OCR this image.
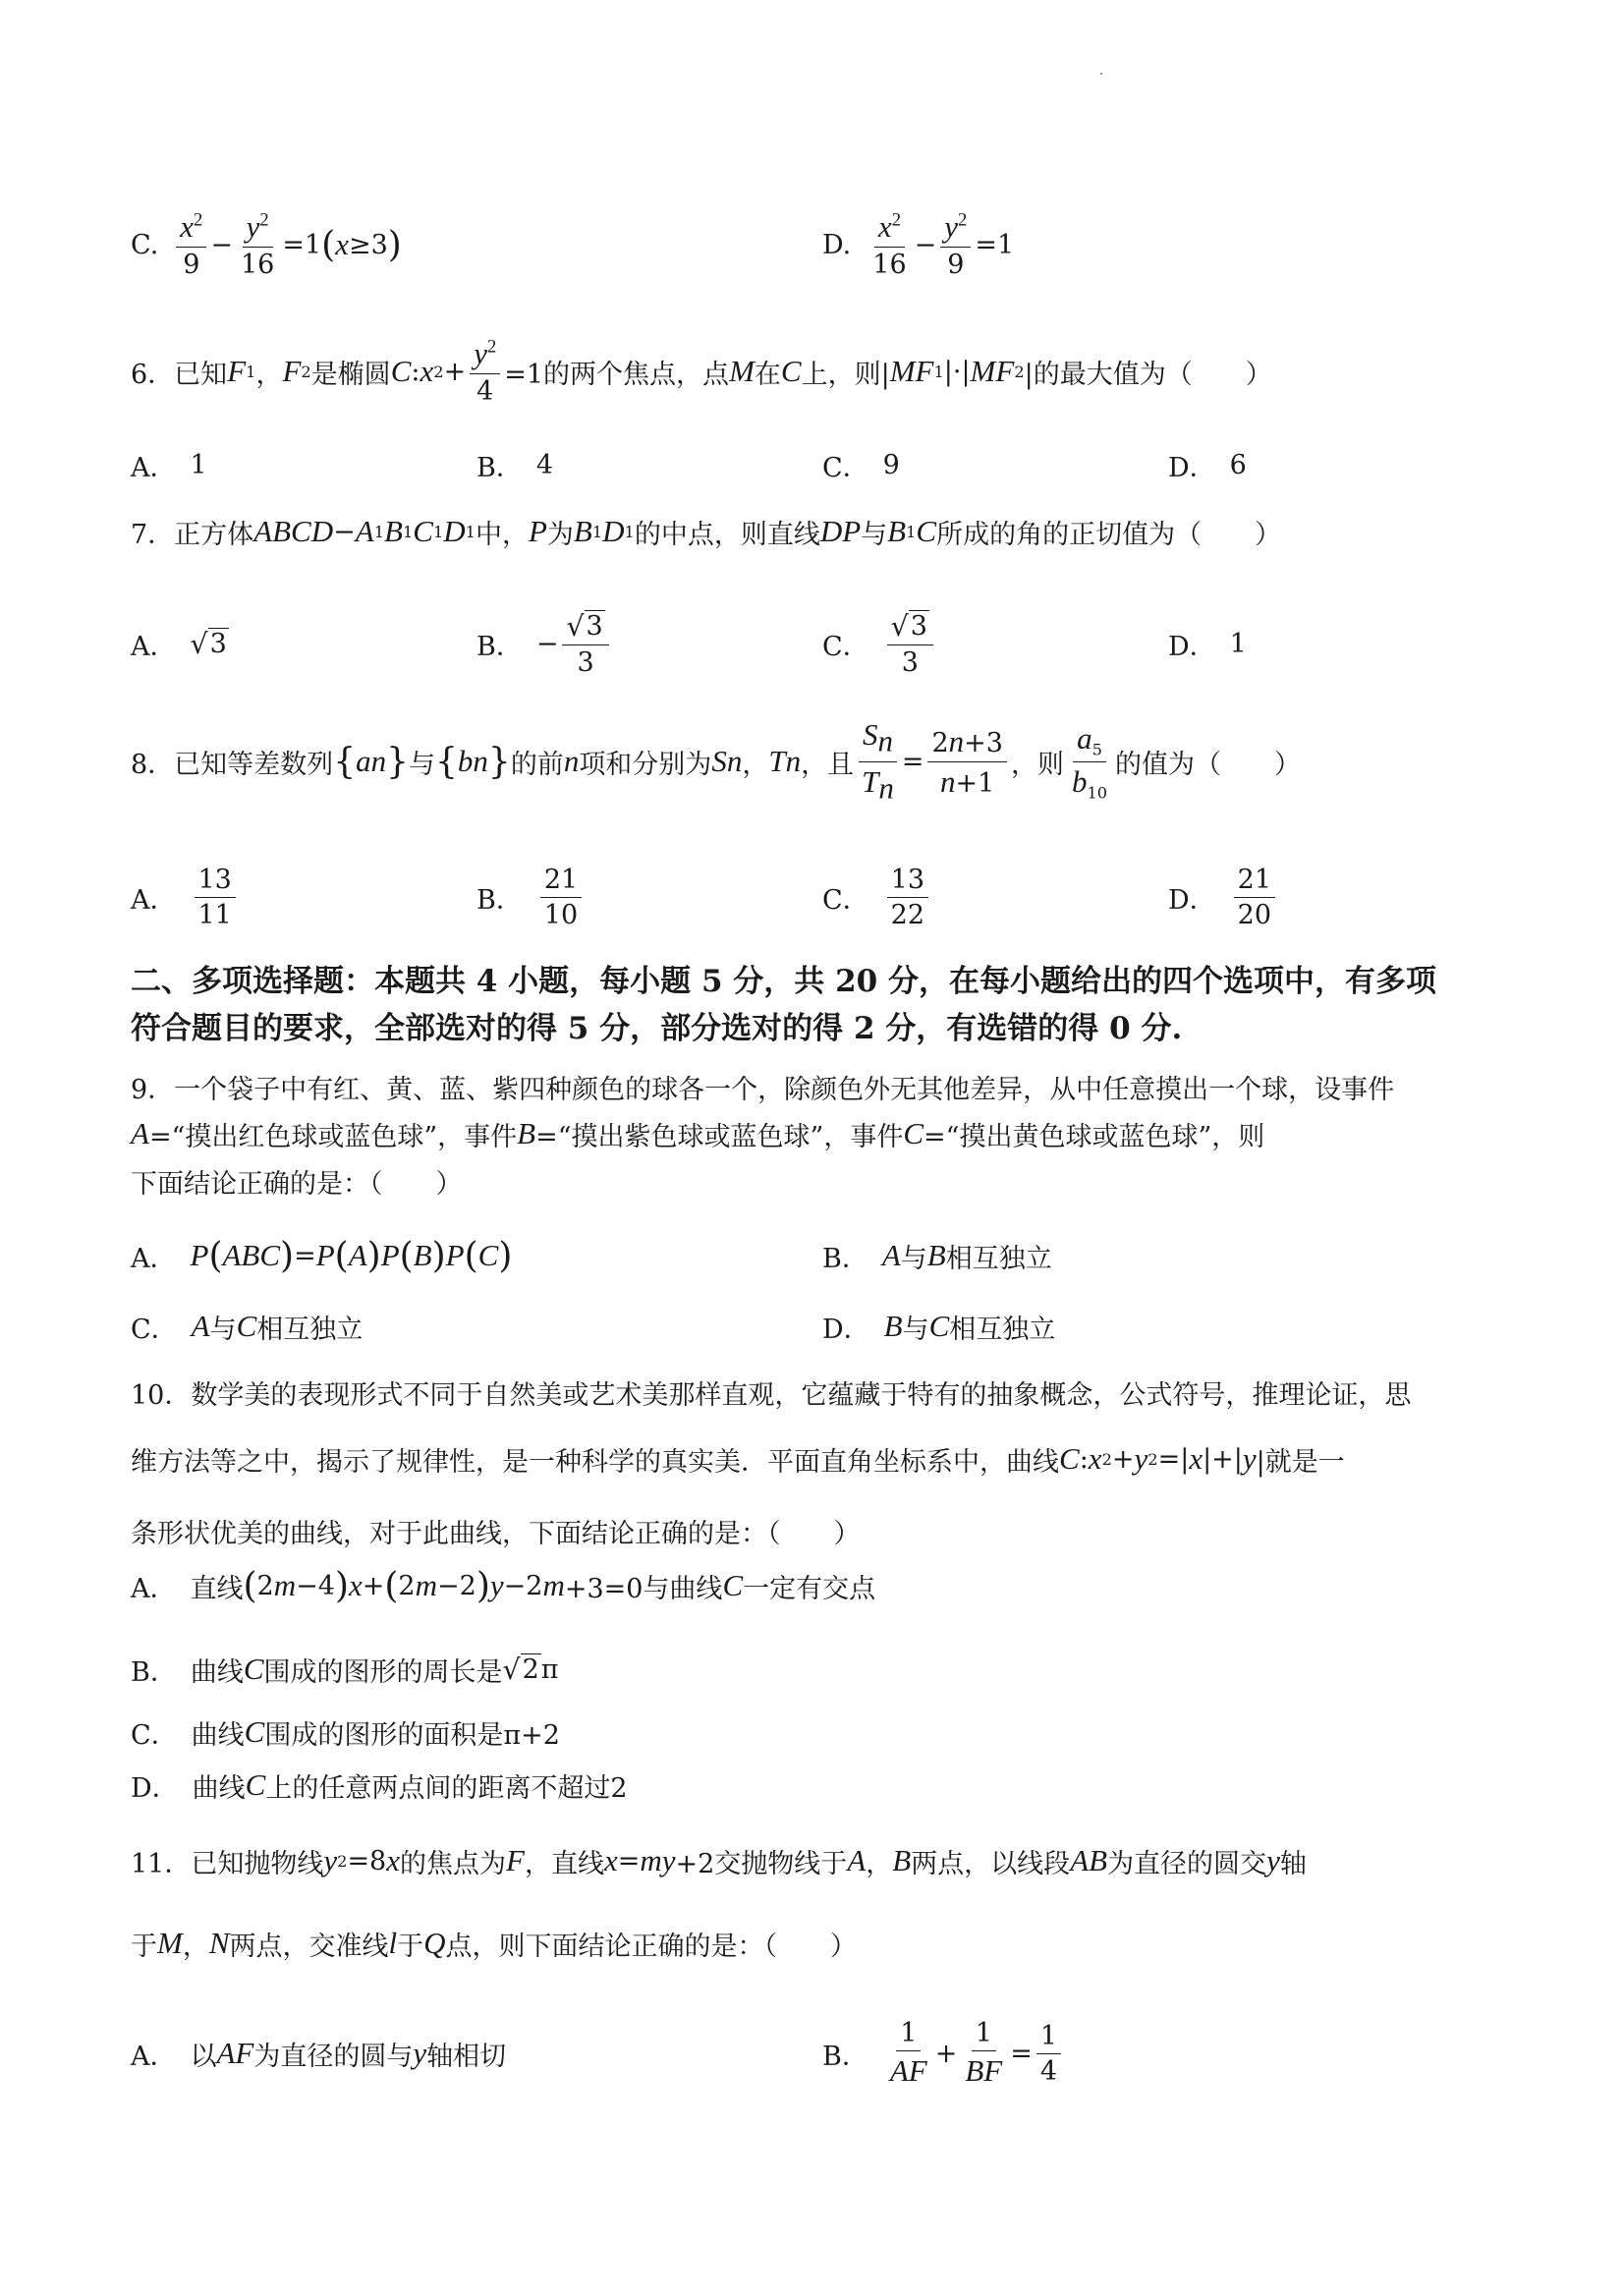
C. $\frac{x^2}{9} - \frac{y^2}{16} =1$ ( x ≥3 )	D. $\frac{x^2}{16} - \frac{y^2}{9} =1$
6．已知 F 1 ， F 2 是椭圆 C : x $2 + \frac{y^2}{4} =1$的两个焦点，点 M 在 C 上，则| MF 1 |·| MF 2 |的最大值为（　　）
A． 1	B． 4	C． 9	D． 6
7．正方体 ABCD − A 1 B 1 C 1 D 1 中， P 为 B 1 D 1 的中点，则直线 DP 与 B 1 C 所成的角的正切值为（　　）
A． √ 3	B． − $\frac{√ 3}{3}$	C． $\frac{√ 3}{3}$	D． 1
8．已知等差数列 { a n } 与 { b n } 的前 n 项和分别为 S n ， T n ，且 $\frac{S_n}{T_n} = \frac{2n+3}{n+1}$ ，则 $\frac{a_5}{b_{10}}$ 的值为（　　）
A． $\frac{13}{11}$	B． $\frac{21}{10}$	C． $\frac{13}{22}$	D． $\frac{21}{20}$
二、多项选择题：本题共 4 小题，每小题 5 分，共 20 分，在每小题给出的四个选项中，有多项
符合题目的要求，全部选对的得 5 分，部分选对的得 2 分，有选错的得 0 分.
9．一个袋子中有红、黄、蓝、紫四种颜色的球各一个，除颜色外无其他差异，从中任意摸出一个球，设事件
A =“摸出红色球或蓝色球”，事件 B =“摸出紫色球或蓝色球”，事件 C =“摸出黄色球或蓝色球”，则
下面结论正确的是：（　　）
A． P ( ABC ) = P ( A ) P ( B ) P ( C )	B． A 与 B 相互独立
C． A 与 C 相互独立	D． B 与 C 相互独立
10．数学美的表现形式不同于自然美或艺术美那样直观，它蕴藏于特有的抽象概念，公式符号，推理论证，思
维方法等之中，揭示了规律性，是一种科学的真实美．平面直角坐标系中，曲线 C : x 2 + y 2 =| x |+| y |就是一
条形状优美的曲线，对于此曲线，下面结论正确的是：（　　）
A． 直线 ( 2 m −4 ) x + ( 2 m −2 ) y −2 m +3=0与曲线 C 一定有交点
B． 曲线 C 围成的图形的周长是 √ 2 π
C． 曲线 C 围成的图形的面积是π+2
D． 曲线 C 上的任意两点间的距离不超过2
11．已知抛物线 y 2 =8 x 的焦点为 F ，直线 x = my +2交抛物线于 A ， B 两点，以线段 AB 为直径的圆交 y 轴
于 M ， N 两点，交准线 l 于 Q 点，则下面结论正确的是：（　　）
A． 以 AF 为直径的圆与 y 轴相切	B． $\frac{1}{AF} + \frac{1}{BF} = \frac{1}{4}$
